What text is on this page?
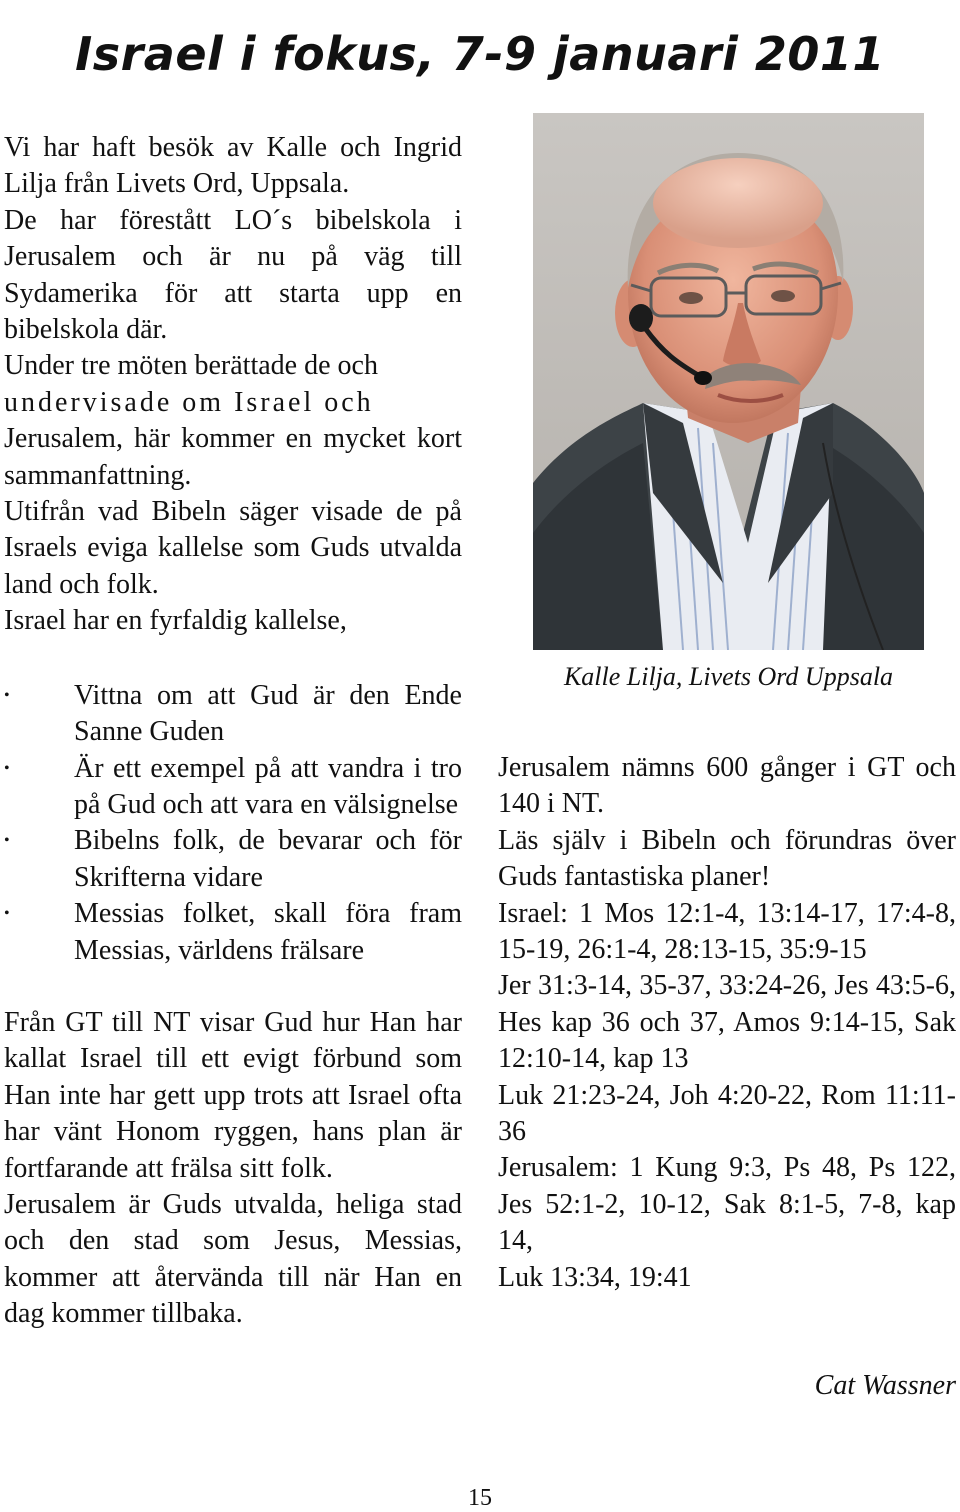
Israel i fokus, 7-9 januari 2011

Vi har haft besök av Kalle och Ingrid Lilja från Livets Ord, Uppsala.

De har förestått LO´s bibelskola i Jerusalem och är nu på väg till Sydamerika för att starta upp en bibelskola där.

Under tre möten berättade de och

undervisade om Israel och

Jerusalem, här kommer en mycket kort sammanfattning.

Utifrån vad Bibeln säger visade de på Israels eviga kallelse som Guds utvalda land och folk.

Israel har en fyrfaldig kallelse,

• Vittna om att Gud är den Ende Sanne Guden
• Är ett exempel på att vandra i tro på Gud och att vara en välsignelse
• Bibelns folk, de bevarar och för Skrifterna vidare
• Messias folket, skall föra fram Messias, världens frälsare

Från GT till NT visar Gud hur Han har kallat Israel till ett evigt förbund som Han inte har gett upp trots att Israel ofta har vänt Honom ryggen, hans plan är fortfarande att frälsa sitt folk.

Jerusalem är Guds utvalda, heliga stad och den stad som Jesus, Messias, kommer att återvända till när Han en dag kommer tillbaka.

Kalle Lilja, Livets Ord Uppsala

Jerusalem nämns 600 gånger i GT och 140 i NT.

Läs själv i Bibeln och förundras över Guds fantastiska planer!

Israel: 1 Mos 12:1-4, 13:14-17, 17:4-8, 15-19, 26:1-4, 28:13-15, 35:9-15

Jer 31:3-14, 35-37, 33:24-26, Jes 43:5-6, Hes kap 36 och 37, Amos 9:14-15, Sak 12:10-14, kap 13

Luk 21:23-24, Joh 4:20-22, Rom 11:11-36

Jerusalem: 1 Kung 9:3, Ps 48, Ps 122, Jes 52:1-2, 10-12, Sak 8:1-5, 7-8, kap 14,

Luk 13:34, 19:41

Cat Wassner
15
